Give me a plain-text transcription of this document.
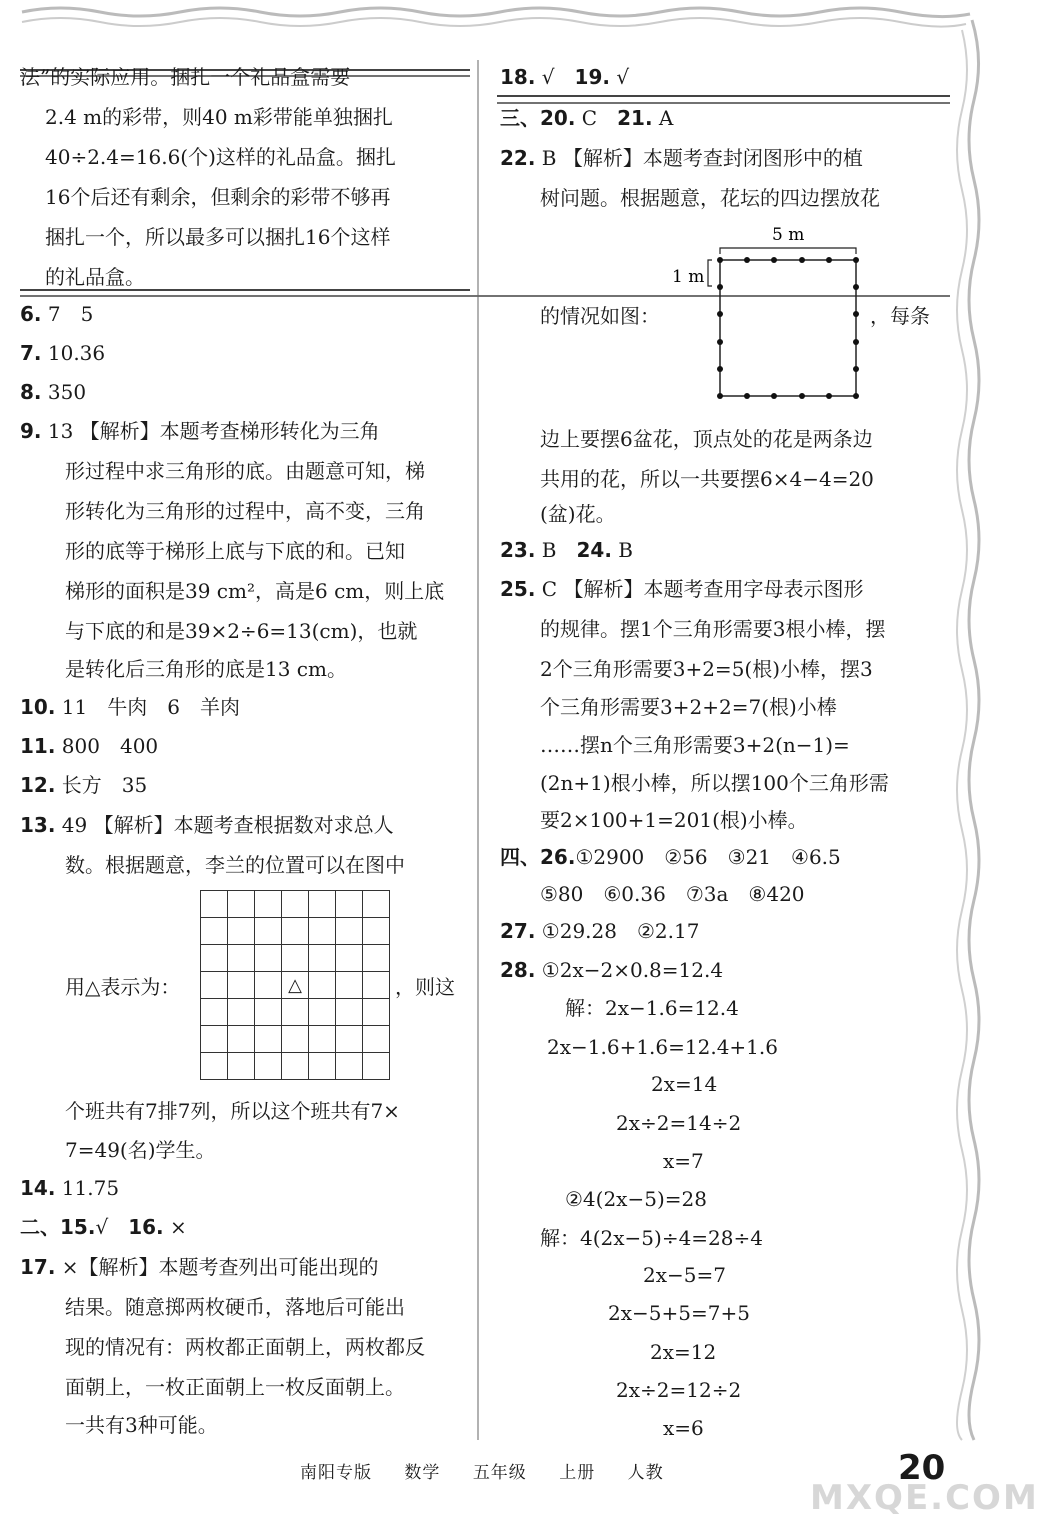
法”的实际应用。捆扎一个礼品盒需要
2.4 m的彩带，则40 m彩带能单独捆扎
40÷2.4=16.6(个)这样的礼品盒。捆扎
16个后还有剩余，但剩余的彩带不够再
捆扎一个，所以最多可以捆扎16个这样
的礼品盒。
6. 7　5
7. 10.36
8. 350
9. 13 【解析】本题考查梯形转化为三角
形过程中求三角形的底。由题意可知，梯
形转化为三角形的过程中，高不变，三角
形的底等于梯形上底与下底的和。已知
梯形的面积是39 cm²，高是6 cm，则上底
与下底的和是39×2÷6=13(cm)，也就
是转化后三角形的底是13 cm。
10. 11　牛肉　6　羊肉
11. 800　400
12. 长方　35
13. 49 【解析】本题考查根据数对求总人
数。根据题意，李兰的位置可以在图中

			△			

用△表示为：	，则这
个班共有7排7列，所以这个班共有7×
7=49(名)学生。
14. 11.75
二、15.√　16. ×
17. ×【解析】本题考查列出可能出现的
结果。随意掷两枚硬币，落地后可能出
现的情况有：两枚都正面朝上，两枚都反
面朝上，一枚正面朝上一枚反面朝上。
一共有3种可能。
18. √　19. √
三、20. C　21. A
22. B 【解析】本题考查封闭图形中的植
树问题。根据题意，花坛的四边摆放花
5 m
1 m
的情况如图：	，每条
边上要摆6盆花，顶点处的花是两条边
共用的花，所以一共要摆6×4−4=20
(盆)花。
23. B　24. B
25. C 【解析】本题考查用字母表示图形
的规律。摆1个三角形需要3根小棒，摆
2个三角形需要3+2=5(根)小棒，摆3
个三角形需要3+2+2=7(根)小棒
……摆n个三角形需要3+2(n−1)=
(2n+1)根小棒，所以摆100个三角形需
要2×100+1=201(根)小棒。
四、26.①2900　②56　③21　④6.5
⑤80　⑥0.36　⑦3a　⑧420
27. ①29.28　②2.17
28. ①2x−2×0.8=12.4
解：2x−1.6=12.4
2x−1.6+1.6=12.4+1.6
2x=14
2x÷2=14÷2
x=7
②4(2x−5)=28
解：4(2x−5)÷4=28÷4
2x−5=7
2x−5+5=7+5
2x=12
2x÷2=12÷2
x=6
南阳专版 数学 五年级 上册 人教	20
MXQE.COM
